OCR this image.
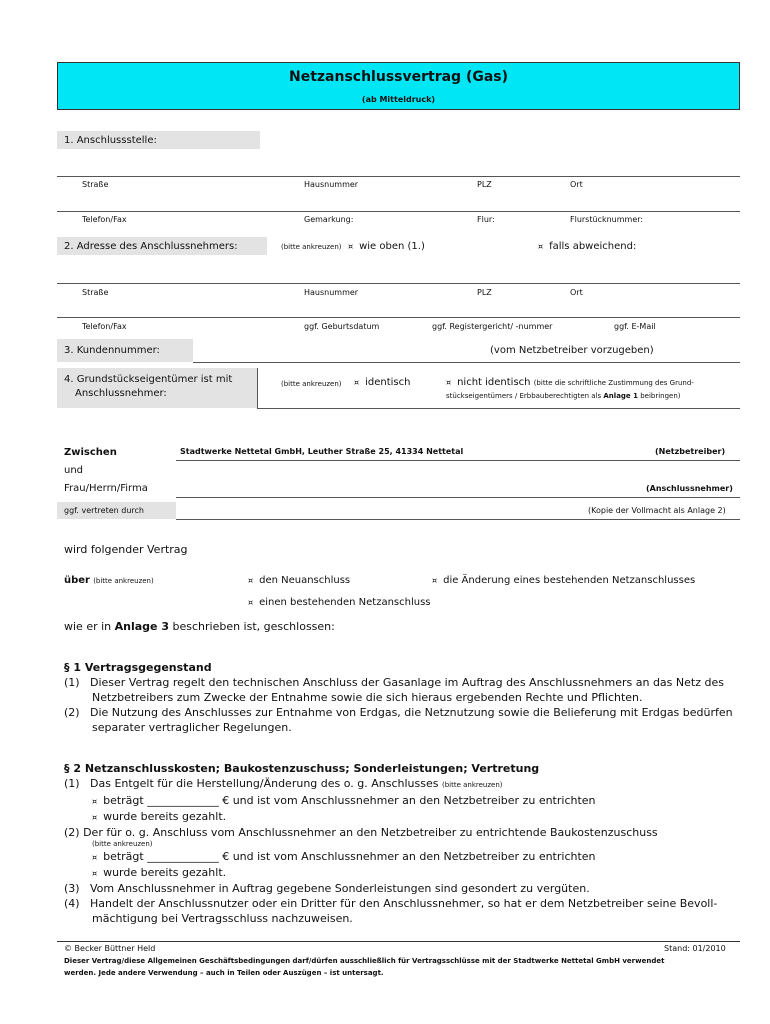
Netzanschlussvertrag (Gas)
(ab Mitteldruck)
1. Anschlussstelle:
Straße	Hausnummer	PLZ	Ort
Telefon/Fax	Gemarkung:	Flur:	Flurstücknummer:
2. Adresse des Anschlussnehmers:	(bitte ankreuzen) ¤ wie oben (1.)	¤ falls abweichend:
Straße	Hausnummer	PLZ	Ort
Telefon/Fax	ggf. Geburtsdatum	ggf. Registergericht/ -nummer	ggf. E-Mail
3. Kundennummer:	(vom Netzbetreiber vorzugeben)
4. Grundstückseigentümer ist mit
Anschlussnehmer:
(bitte ankreuzen) ¤ identisch	¤ nicht identisch (bitte die schriftliche Zustimmung des Grund-
stückseigentümers / Erbbauberechtigten als Anlage 1 beibringen)
Zwischen	Stadtwerke Nettetal GmbH, Leuther Straße 25, 41334 Nettetal	(Netzbetreiber)
und
Frau/Herrn/Firma	(Anschlussnehmer)
ggf. vertreten durch	(Kopie der Vollmacht als Anlage 2)
wird folgender Vertrag
über (bitte ankreuzen)	¤ den Neuanschluss	¤ die Änderung eines bestehenden Netzanschlusses
¤ einen bestehenden Netzanschluss
wie er in Anlage 3 beschrieben ist, geschlossen:
§ 1 Vertragsgegenstand
(1) Dieser Vertrag regelt den technischen Anschluss der Gasanlage im Auftrag des Anschlussnehmers an das Netz des
Netzbetreibers zum Zwecke der Entnahme sowie die sich hieraus ergebenden Rechte und Pflichten.
(2) Die Nutzung des Anschlusses zur Entnahme von Erdgas, die Netznutzung sowie die Belieferung mit Erdgas bedürfen
separater vertraglicher Regelungen.
§ 2 Netzanschlusskosten; Baukostenzuschuss; Sonderleistungen; Vertretung
(1) Das Entgelt für die Herstellung/Änderung des o. g. Anschlusses (bitte ankreuzen)
¤ beträgt _____________ € und ist vom Anschlussnehmer an den Netzbetreiber zu entrichten
¤ wurde bereits gezahlt.
(2) Der für o. g. Anschluss vom Anschlussnehmer an den Netzbetreiber zu entrichtende Baukostenzuschuss
(bitte ankreuzen)
¤ beträgt _____________ € und ist vom Anschlussnehmer an den Netzbetreiber zu entrichten
¤ wurde bereits gezahlt.
(3) Vom Anschlussnehmer in Auftrag gegebene Sonderleistungen sind gesondert zu vergüten.
(4) Handelt der Anschlussnutzer oder ein Dritter für den Anschlussnehmer, so hat er dem Netzbetreiber seine Bevoll-
mächtigung bei Vertragsschluss nachzuweisen.
© Becker Büttner Held	Stand: 01/2010
Dieser Vertrag/diese Allgemeinen Geschäftsbedingungen darf/dürfen ausschließlich für Vertragsschlüsse mit der Stadtwerke Nettetal GmbH verwendet
werden. Jede andere Verwendung – auch in Teilen oder Auszügen – ist untersagt.
